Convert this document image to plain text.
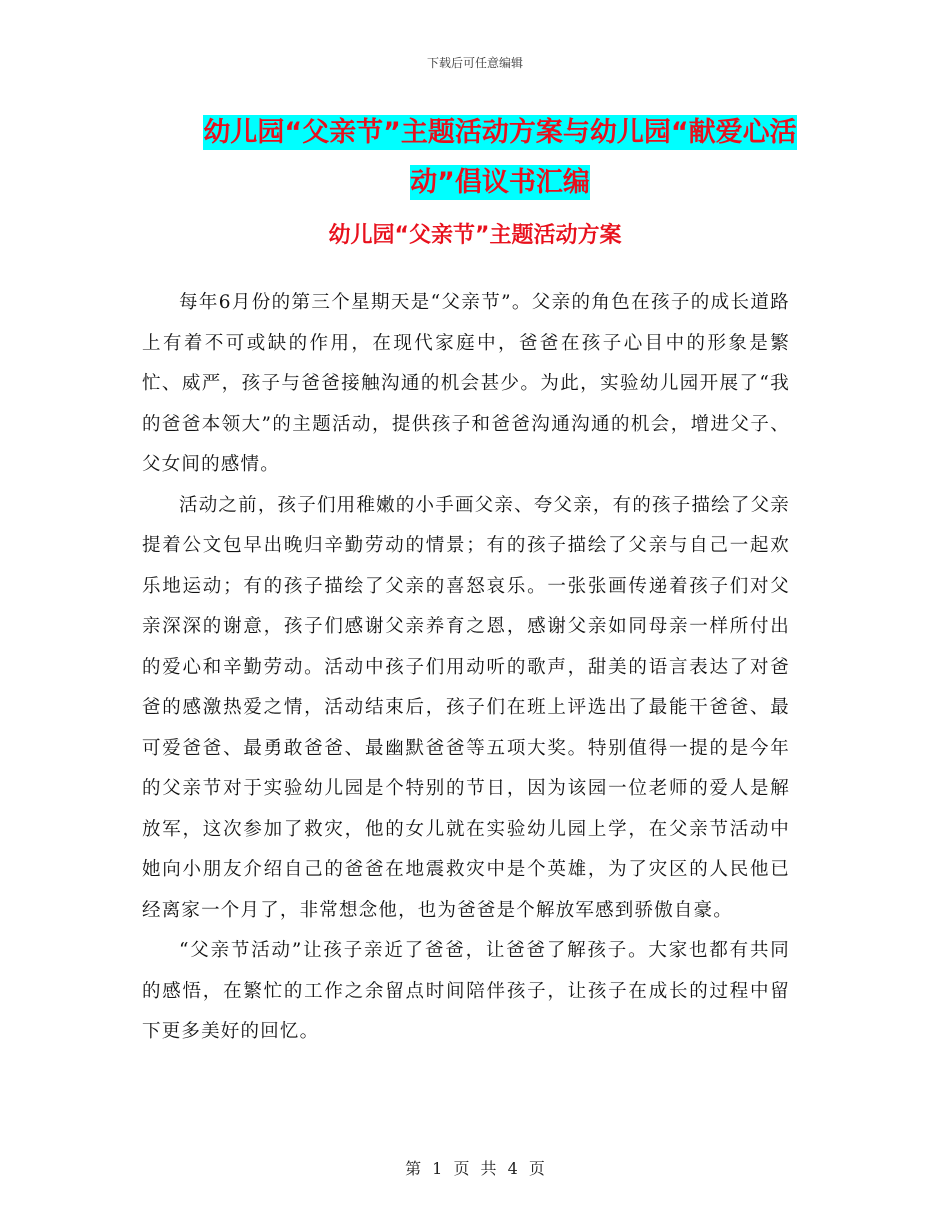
下载后可任意编辑
幼儿园“父亲节”主题活动方案与幼儿园“献爱心活
动”倡议书汇编
幼儿园“父亲节”主题活动方案

每年6月份的第三个星期天是“父亲节”。父亲的角色在孩子的成长道路上有着不可或缺的作用，在现代家庭中，爸爸在孩子心目中的形象是繁忙、威严，孩子与爸爸接触沟通的机会甚少。为此，实验幼儿园开展了“我的爸爸本领大”的主题活动，提供孩子和爸爸沟通沟通的机会，增进父子、父女间的感情。

活动之前，孩子们用稚嫩的小手画父亲、夸父亲，有的孩子描绘了父亲提着公文包早出晚归辛勤劳动的情景；有的孩子描绘了父亲与自己一起欢乐地运动；有的孩子描绘了父亲的喜怒哀乐。一张张画传递着孩子们对父亲深深的谢意，孩子们感谢父亲养育之恩，感谢父亲如同母亲一样所付出的爱心和辛勤劳动。活动中孩子们用动听的歌声，甜美的语言表达了对爸爸的感激热爱之情，活动结束后，孩子们在班上评选出了最能干爸爸、最可爱爸爸、最勇敢爸爸、最幽默爸爸等五项大奖。特别值得一提的是今年的父亲节对于实验幼儿园是个特别的节日，因为该园一位老师的爱人是解放军，这次参加了救灾，他的女儿就在实验幼儿园上学，在父亲节活动中她向小朋友介绍自己的爸爸在地震救灾中是个英雄，为了灾区的人民他已经离家一个月了，非常想念他，也为爸爸是个解放军感到骄傲自豪。

“父亲节活动”让孩子亲近了爸爸，让爸爸了解孩子。大家也都有共同的感悟，在繁忙的工作之余留点时间陪伴孩子，让孩子在成长的过程中留下更多美好的回忆。

第 1 页 共 4 页
